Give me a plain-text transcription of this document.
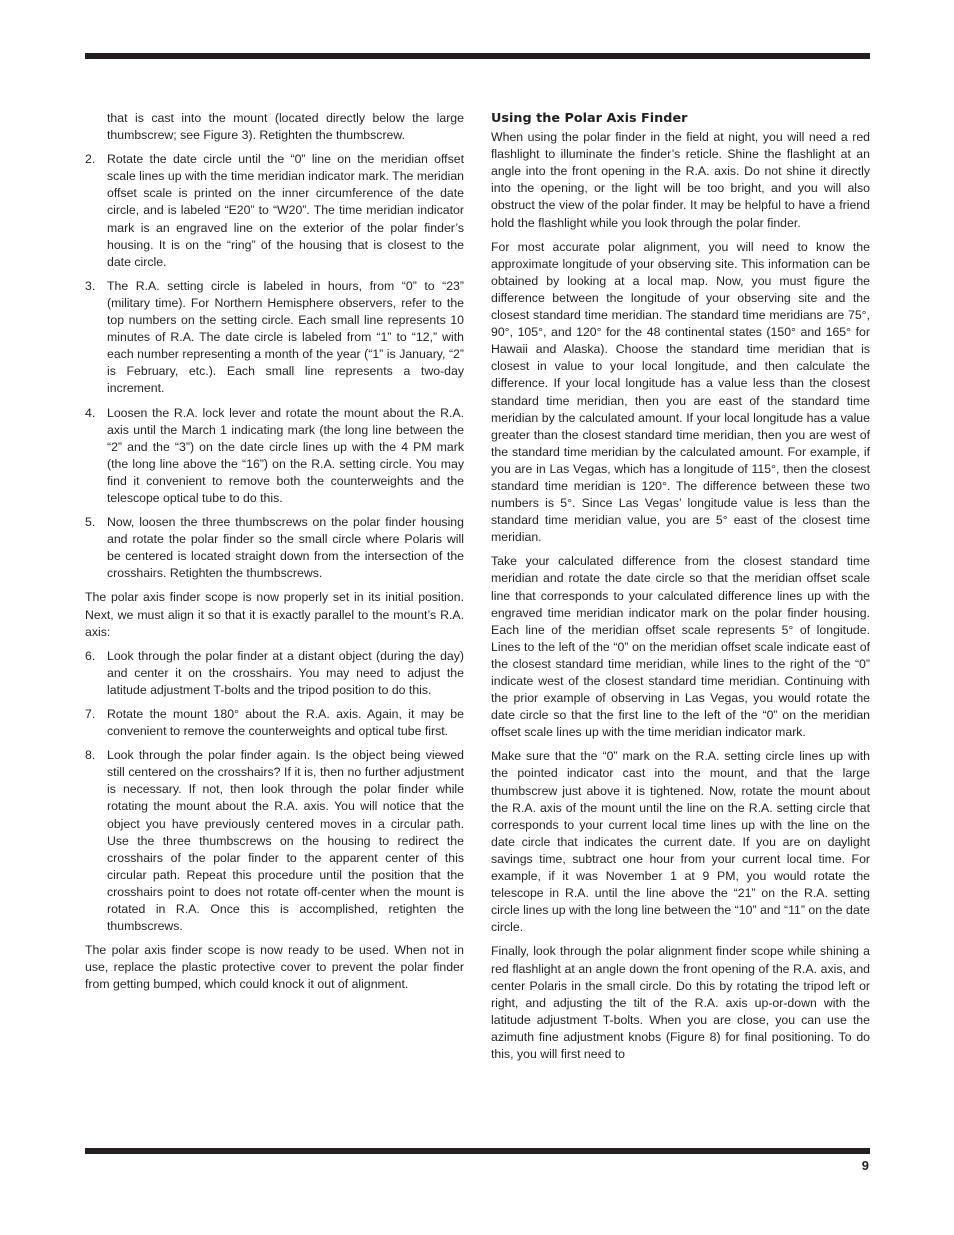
that is cast into the mount (located directly below the large thumbscrew; see Figure 3). Retighten the thumbscrew.

2. Rotate the date circle until the “0” line on the meridian offset scale lines up with the time meridian indicator mark. The meridian offset scale is printed on the inner circumference of the date circle, and is labeled “E20” to “W20”. The time meridian indicator mark is an engraved line on the exterior of the polar finder’s housing. It is on the “ring” of the housing that is closest to the date circle.
3. The R.A. setting circle is labeled in hours, from “0” to “23” (military time). For Northern Hemisphere observers, refer to the top numbers on the setting circle. Each small line represents 10 minutes of R.A. The date circle is labeled from “1” to “12,” with each number representing a month of the year (“1” is January, “2” is February, etc.). Each small line represents a two-day increment.
4. Loosen the R.A. lock lever and rotate the mount about the R.A. axis until the March 1 indicating mark (the long line between the “2” and the “3”) on the date circle lines up with the 4 PM mark (the long line above the “16”) on the R.A. setting circle. You may find it convenient to remove both the counterweights and the telescope optical tube to do this.
5. Now, loosen the three thumbscrews on the polar finder housing and rotate the polar finder so the small circle where Polaris will be centered is located straight down from the intersection of the crosshairs. Retighten the thumbscrews.

The polar axis finder scope is now properly set in its initial position. Next, we must align it so that it is exactly parallel to the mount’s R.A. axis:

6. Look through the polar finder at a distant object (during the day) and center it on the crosshairs. You may need to adjust the latitude adjustment T-bolts and the tripod position to do this.
7. Rotate the mount 180° about the R.A. axis. Again, it may be convenient to remove the counterweights and optical tube first.
8. Look through the polar finder again. Is the object being viewed still centered on the crosshairs? If it is, then no further adjustment is necessary. If not, then look through the polar finder while rotating the mount about the R.A. axis. You will notice that the object you have previously centered moves in a circular path. Use the three thumbscrews on the housing to redirect the crosshairs of the polar finder to the apparent center of this circular path. Repeat this procedure until the position that the crosshairs point to does not rotate off-center when the mount is rotated in R.A. Once this is accomplished, retighten the thumbscrews.

The polar axis finder scope is now ready to be used. When not in use, replace the plastic protective cover to prevent the polar finder from getting bumped, which could knock it out of alignment.

Using the Polar Axis Finder

When using the polar finder in the field at night, you will need a red flashlight to illuminate the finder’s reticle. Shine the flashlight at an angle into the front opening in the R.A. axis. Do not shine it directly into the opening, or the light will be too bright, and you will also obstruct the view of the polar finder. It may be helpful to have a friend hold the flashlight while you look through the polar finder.

For most accurate polar alignment, you will need to know the approximate longitude of your observing site. This information can be obtained by looking at a local map. Now, you must figure the difference between the longitude of your observing site and the closest standard time meridian. The standard time meridians are 75°, 90°, 105°, and 120° for the 48 continental states (150° and 165° for Hawaii and Alaska). Choose the standard time meridian that is closest in value to your local longitude, and then calculate the difference. If your local longitude has a value less than the closest standard time meridian, then you are east of the standard time meridian by the calculated amount. If your local longitude has a value greater than the closest standard time meridian, then you are west of the standard time meridian by the calculated amount. For example, if you are in Las Vegas, which has a longitude of 115°, then the closest standard time meridian is 120°. The difference between these two numbers is 5°. Since Las Vegas’ longitude value is less than the standard time meridian value, you are 5° east of the closest time meridian.

Take your calculated difference from the closest standard time meridian and rotate the date circle so that the meridian offset scale line that corresponds to your calculated difference lines up with the engraved time meridian indicator mark on the polar finder housing. Each line of the meridian offset scale represents 5° of longitude. Lines to the left of the “0” on the meridian offset scale indicate east of the closest standard time meridian, while lines to the right of the “0” indicate west of the closest standard time meridian. Continuing with the prior example of observing in Las Vegas, you would rotate the date circle so that the first line to the left of the “0” on the meridian offset scale lines up with the time meridian indicator mark.

Make sure that the “0” mark on the R.A. setting circle lines up with the pointed indicator cast into the mount, and that the large thumbscrew just above it is tightened. Now, rotate the mount about the R.A. axis of the mount until the line on the R.A. setting circle that corresponds to your current local time lines up with the line on the date circle that indicates the current date. If you are on daylight savings time, subtract one hour from your current local time. For example, if it was November 1 at 9 PM, you would rotate the telescope in R.A. until the line above the “21” on the R.A. setting circle lines up with the long line between the “10” and “11” on the date circle.

Finally, look through the polar alignment finder scope while shining a red flashlight at an angle down the front opening of the R.A. axis, and center Polaris in the small circle. Do this by rotating the tripod left or right, and adjusting the tilt of the R.A. axis up-or-down with the latitude adjustment T-bolts. When you are close, you can use the azimuth fine adjustment knobs (Figure 8) for final positioning. To do this, you will first need to

9
